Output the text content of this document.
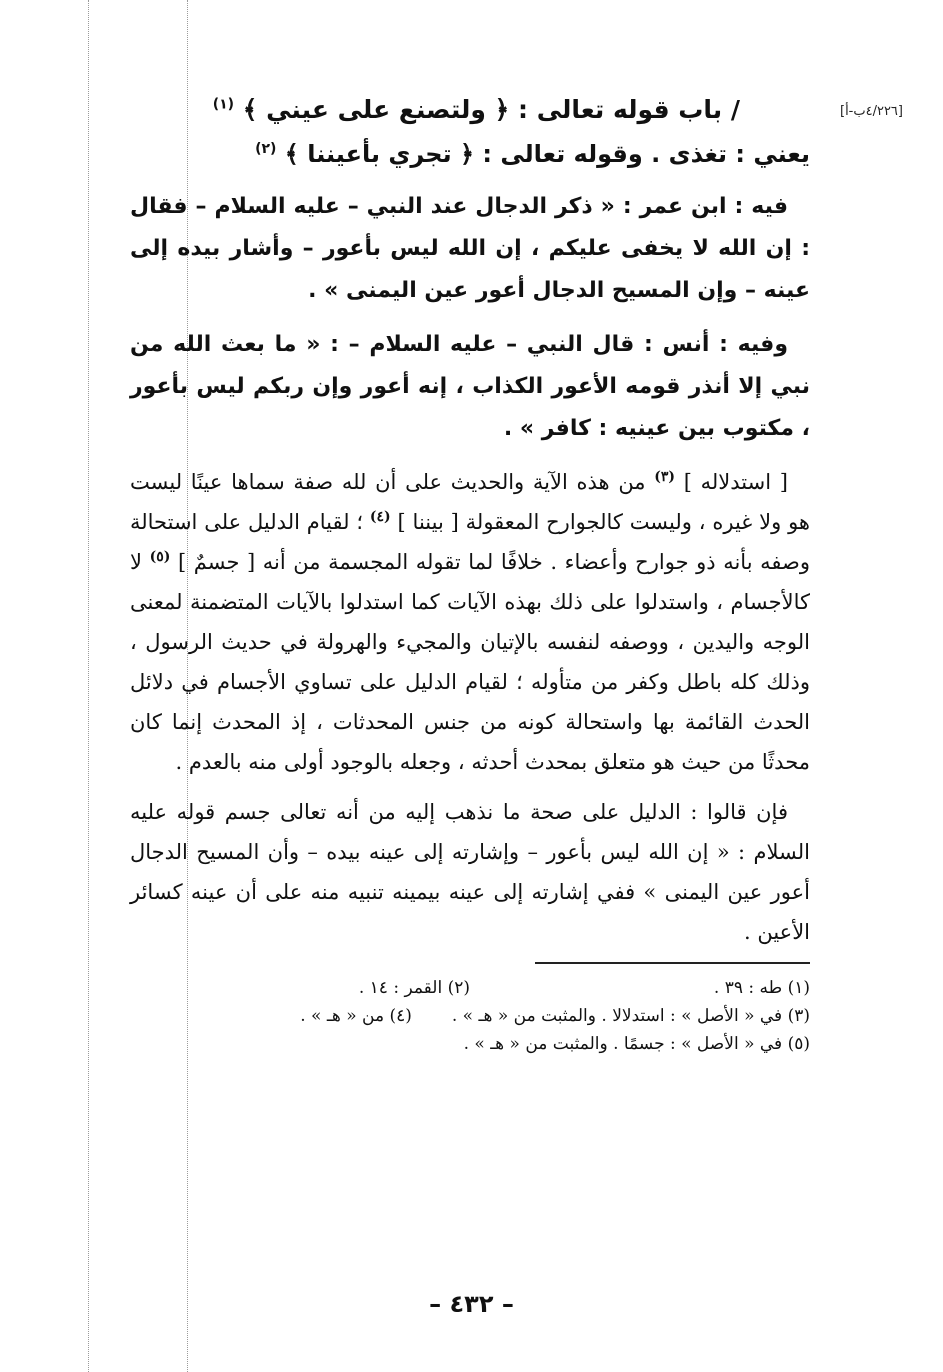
[٤/٢٢٦ب-أ]
/ باب قوله تعالى : ﴿ ولتصنع على عيني ﴾ $^{(١)}$
يعني : تغذى . وقوله تعالى : ﴿ تجري بأعيننا ﴾ $^{(٢)}$

فيه : ابن عمر : « ذكر الدجال عند النبي – عليه السلام – فقال : إن الله لا يخفى عليكم ، إن الله ليس بأعور – وأشار بيده إلى عينه – وإن المسيح الدجال أعور عين اليمنى » .

وفيه : أنس : قال النبي – عليه السلام – : « ما بعث الله من نبي إلا أنذر قومه الأعور الكذاب ، إنه أعور وإن ربكم ليس بأعور ، مكتوب بين عينيه : كافر » .

[ استدلاله ] $^{(٣)}$ من هذه الآية والحديث على أن لله صفة سماها عينًا ليست هو ولا غيره ، وليست كالجوارح المعقولة [ بيننا ] $^{(٤)}$ ؛ لقيام الدليل على استحالة وصفه بأنه ذو جوارح وأعضاء . خلافًا لما تقوله المجسمة من أنه [ جسمٌ ] $^{(٥)}$ لا كالأجسام ، واستدلوا على ذلك بهذه الآيات كما استدلوا بالآيات المتضمنة لمعنى الوجه واليدين ، ووصفه لنفسه بالإتيان والمجيء والهرولة في حديث الرسول ، وذلك كله باطل وكفر من متأوله ؛ لقيام الدليل على تساوي الأجسام في دلائل الحدث القائمة بها واستحالة كونه من جنس المحدثات ، إذ المحدث إنما كان محدثًا من حيث هو متعلق بمحدث أحدثه ، وجعله بالوجود أولى منه بالعدم .

فإن قالوا : الدليل على صحة ما نذهب إليه من أنه تعالى جسم قوله عليه السلام : « إن الله ليس بأعور – وإشارته إلى عينه بيده – وأن المسيح الدجال أعور عين اليمنى » ففي إشارته إلى عينه بيمينه تنبيه منه على أن عينه كسائر الأعين .

(١) طه : ٣٩ .
(٢) القمر : ١٤ .
(٣) في « الأصل » : استدلالا . والمثبت من « هـ » .
(٤) من « هـ » .
(٥) في « الأصل » : جسمًا . والمثبت من « هـ » .
– ٤٣٢ –
